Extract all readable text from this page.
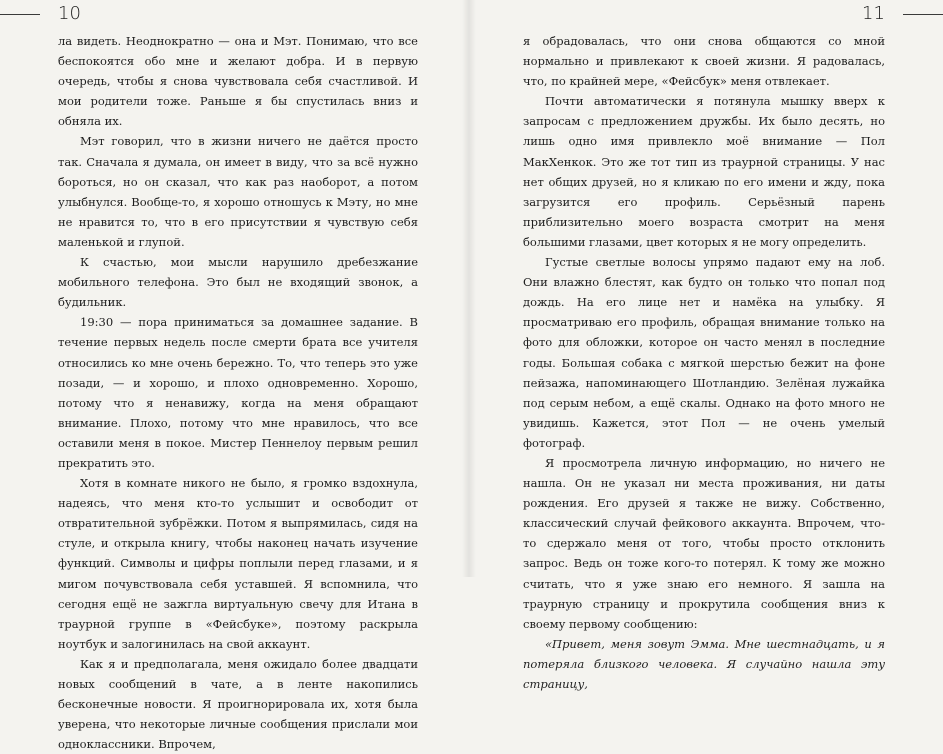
10	11

ла видеть. Неоднократно — она и Мэт. Понимаю, что все беспокоятся обо мне и желают добра. И в первую очередь, чтобы я снова чувствовала себя счастливой. И мои родители тоже. Раньше я бы спустилась вниз и обняла их.

Мэт говорил, что в жизни ничего не даётся просто так. Сначала я думала, он имеет в виду, что за всё нужно бороться, но он сказал, что как раз наоборот, а потом улыбнулся. Вообще-то, я хорошо отношусь к Мэту, но мне не нравится то, что в его присутствии я чувствую себя маленькой и глупой.

К счастью, мои мысли нарушило дребезжание мобильного телефона. Это был не входящий звонок, а будильник.

19:30 — пора приниматься за домашнее задание. В течение первых недель после смерти брата все учителя относились ко мне очень бережно. То, что теперь это уже позади, — и хорошо, и плохо одновременно. Хорошо, потому что я ненавижу, когда на меня обращают внимание. Плохо, потому что мне нравилось, что все оставили меня в покое. Мистер Пеннелоу первым решил прекратить это.

Хотя в комнате никого не было, я громко вздохнула, надеясь, что меня кто-то услышит и освободит от отвратительной зубрёжки. Потом я выпрямилась, сидя на стуле, и открыла книгу, чтобы наконец начать изучение функций. Символы и цифры поплыли перед глазами, и я мигом почувствовала себя уставшей. Я вспомнила, что сегодня ещё не зажгла виртуальную свечу для Итана в траурной группе в «Фейсбуке», поэтому раскрыла ноутбук и залогинилась на свой аккаунт.

Как я и предполагала, меня ожидало более двадцати новых сообщений в чате, а в ленте накопились бесконечные новости. Я проигнорировала их, хотя была уверена, что некоторые личные сообщения прислали мои одноклассники. Впрочем,

я обрадовалась, что они снова общаются со мной нормально и привлекают к своей жизни. Я радовалась, что, по крайней мере, «Фейсбук» меня отвлекает.

Почти автоматически я потянула мышку вверх к запросам с предложением дружбы. Их было десять, но лишь одно имя привлекло моё внимание — Пол МакХенкок. Это же тот тип из траурной страницы. У нас нет общих друзей, но я кликаю по его имени и жду, пока загрузится его профиль. Серьёзный парень приблизительно моего возраста смотрит на меня большими глазами, цвет которых я не могу определить.

Густые светлые волосы упрямо падают ему на лоб. Они влажно блестят, как будто он только что попал под дождь. На его лице нет и намёка на улыбку. Я просматриваю его профиль, обращая внимание только на фото для обложки, которое он часто менял в последние годы. Большая собака с мягкой шерстью бежит на фоне пейзажа, напоминающего Шотландию. Зелёная лужайка под серым небом, а ещё скалы. Однако на фото много не увидишь. Кажется, этот Пол — не очень умелый фотограф.

Я просмотрела личную информацию, но ничего не нашла. Он не указал ни места проживания, ни даты рождения. Его друзей я также не вижу. Собственно, классический случай фейкового аккаунта. Впрочем, что-то сдержало меня от того, чтобы просто отклонить запрос. Ведь он тоже кого-то потерял. К тому же можно считать, что я уже знаю его немного. Я зашла на траурную страницу и прокрутила сообщения вниз к своему первому сообщению:

«Привет, меня зовут Эмма. Мне шестнадцать, и я потеряла близкого человека. Я случайно нашла эту страницу,
